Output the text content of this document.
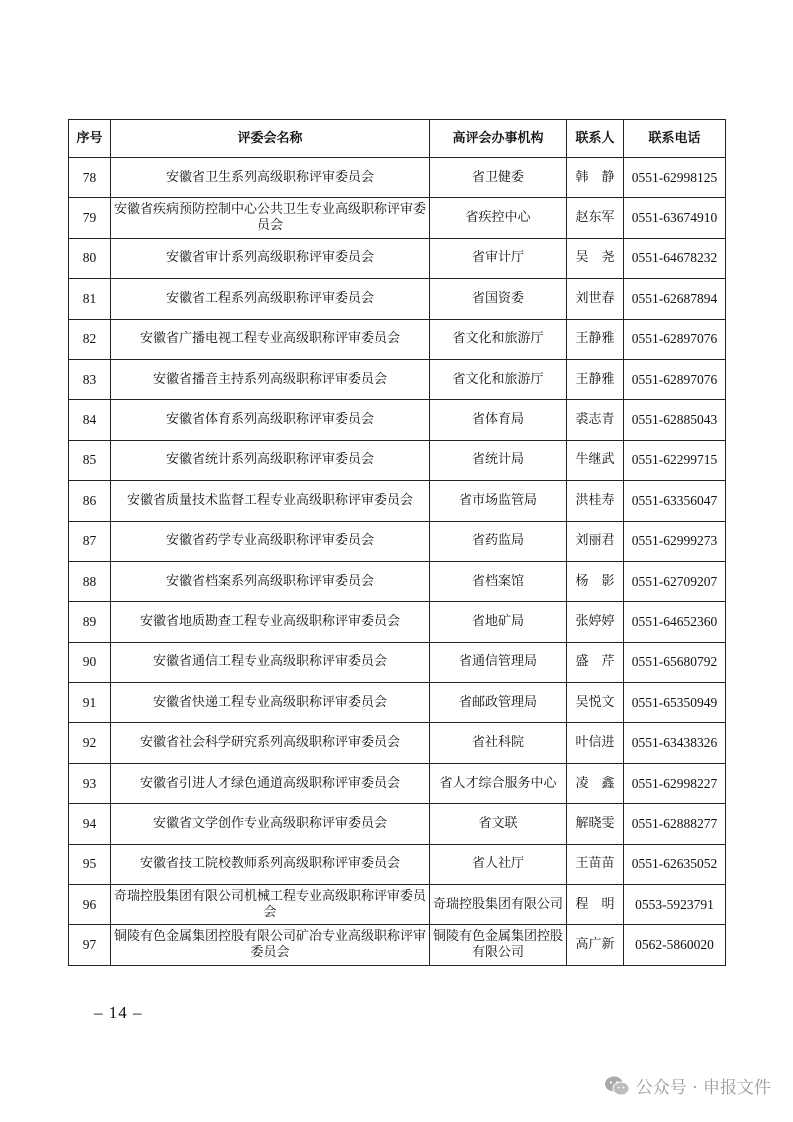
序号	评委会名称	高评会办事机构	联系人	联系电话
78	安徽省卫生系列高级职称评审委员会	省卫健委	韩　静	0551-62998125
79	安徽省疾病预防控制中心公共卫生专业高级职称评审委员会	省疾控中心	赵东军	0551-63674910
80	安徽省审计系列高级职称评审委员会	省审计厅	吴　尧	0551-64678232
81	安徽省工程系列高级职称评审委员会	省国资委	刘世春	0551-62687894
82	安徽省广播电视工程专业高级职称评审委员会	省文化和旅游厅	王静雅	0551-62897076
83	安徽省播音主持系列高级职称评审委员会	省文化和旅游厅	王静雅	0551-62897076
84	安徽省体育系列高级职称评审委员会	省体育局	裘志青	0551-62885043
85	安徽省统计系列高级职称评审委员会	省统计局	牛继武	0551-62299715
86	安徽省质量技术监督工程专业高级职称评审委员会	省市场监管局	洪桂寿	0551-63356047
87	安徽省药学专业高级职称评审委员会	省药监局	刘丽君	0551-62999273
88	安徽省档案系列高级职称评审委员会	省档案馆	杨　影	0551-62709207
89	安徽省地质勘查工程专业高级职称评审委员会	省地矿局	张婷婷	0551-64652360
90	安徽省通信工程专业高级职称评审委员会	省通信管理局	盛　芹	0551-65680792
91	安徽省快递工程专业高级职称评审委员会	省邮政管理局	吴悦文	0551-65350949
92	安徽省社会科学研究系列高级职称评审委员会	省社科院	叶信进	0551-63438326
93	安徽省引进人才绿色通道高级职称评审委员会	省人才综合服务中心	凌　鑫	0551-62998227
94	安徽省文学创作专业高级职称评审委员会	省文联	解晓雯	0551-62888277
95	安徽省技工院校教师系列高级职称评审委员会	省人社厅	王苗苗	0551-62635052
96	奇瑞控股集团有限公司机械工程专业高级职称评审委员会	奇瑞控股集团有限公司	程　明	0553-5923791
97	铜陵有色金属集团控股有限公司矿冶专业高级职称评审委员会	铜陵有色金属集团控股有限公司	高广新	0562-5860020
– 14 –
公众号 · 申报文件
